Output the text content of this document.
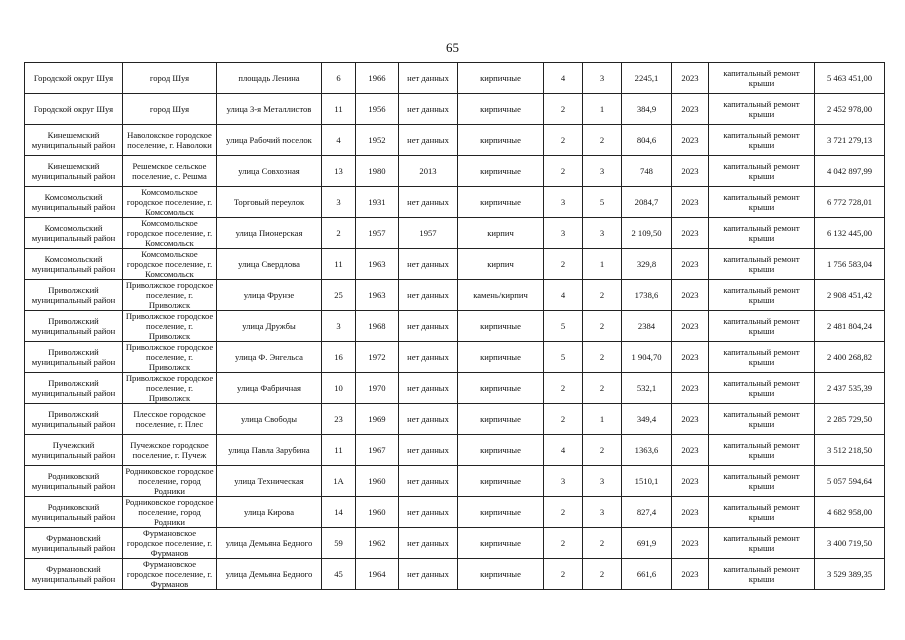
65
Городской округ Шуя	город Шуя	площадь Ленина	6	1966	нет данных	кирпичные	4	3	2245,1	2023	капитальный ремонт крыши	5 463 451,00
Городской округ Шуя	город Шуя	улица 3-я Металлистов	11	1956	нет данных	кирпичные	2	1	384,9	2023	капитальный ремонт крыши	2 452 978,00
Кинешемский муниципальный район	Наволокское городское поселение, г. Наволоки	улица Рабочий поселок	4	1952	нет данных	кирпичные	2	2	804,6	2023	капитальный ремонт крыши	3 721 279,13
Кинешемский муниципальный район	Решемское сельское поселение, с. Решма	улица Совхозная	13	1980	2013	кирпичные	2	3	748	2023	капитальный ремонт крыши	4 042 897,99
Комсомольский муниципальный район	Комсомольское городское поселение, г. Комсомольск	Торговый переулок	3	1931	нет данных	кирпичные	3	5	2084,7	2023	капитальный ремонт крыши	6 772 728,01
Комсомольский муниципальный район	Комсомольское городское поселение, г. Комсомольск	улица Пионерская	2	1957	1957	кирпич	3	3	2 109,50	2023	капитальный ремонт крыши	6 132 445,00
Комсомольский муниципальный район	Комсомольское городское поселение, г. Комсомольск	улица Свердлова	11	1963	нет данных	кирпич	2	1	329,8	2023	капитальный ремонт крыши	1 756 583,04
Приволжский муниципальный район	Приволжское городское поселение, г. Приволжск	улица Фрунзе	25	1963	нет данных	камень/кирпич	4	2	1738,6	2023	капитальный ремонт крыши	2 908 451,42
Приволжский муниципальный район	Приволжское городское поселение, г. Приволжск	улица Дружбы	3	1968	нет данных	кирпичные	5	2	2384	2023	капитальный ремонт крыши	2 481 804,24
Приволжский муниципальный район	Приволжское городское поселение, г. Приволжск	улица Ф. Энгельса	16	1972	нет данных	кирпичные	5	2	1 904,70	2023	капитальный ремонт крыши	2 400 268,82
Приволжский муниципальный район	Приволжское городское поселение, г. Приволжск	улица Фабричная	10	1970	нет данных	кирпичные	2	2	532,1	2023	капитальный ремонт крыши	2 437 535,39
Приволжский муниципальный район	Плесское городское поселение, г. Плес	улица Свободы	23	1969	нет данных	кирпичные	2	1	349,4	2023	капитальный ремонт крыши	2 285 729,50
Пучежский муниципальный район	Пучежское городское поселение, г. Пучеж	улица Павла Зарубина	11	1967	нет данных	кирпичные	4	2	1363,6	2023	капитальный ремонт крыши	3 512 218,50
Родниковский муниципальный район	Родниковское городское поселение, город Родники	улица Техническая	1А	1960	нет данных	кирпичные	3	3	1510,1	2023	капитальный ремонт крыши	5 057 594,64
Родниковский муниципальный район	Родниковское городское поселение, город Родники	улица Кирова	14	1960	нет данных	кирпичные	2	3	827,4	2023	капитальный ремонт крыши	4 682 958,00
Фурмановский муниципальный район	Фурмановское городское поселение, г. Фурманов	улица Демьяна Бедного	59	1962	нет данных	кирпичные	2	2	691,9	2023	капитальный ремонт крыши	3 400 719,50
Фурмановский муниципальный район	Фурмановское городское поселение, г. Фурманов	улица Демьяна Бедного	45	1964	нет данных	кирпичные	2	2	661,6	2023	капитальный ремонт крыши	3 529 389,35
